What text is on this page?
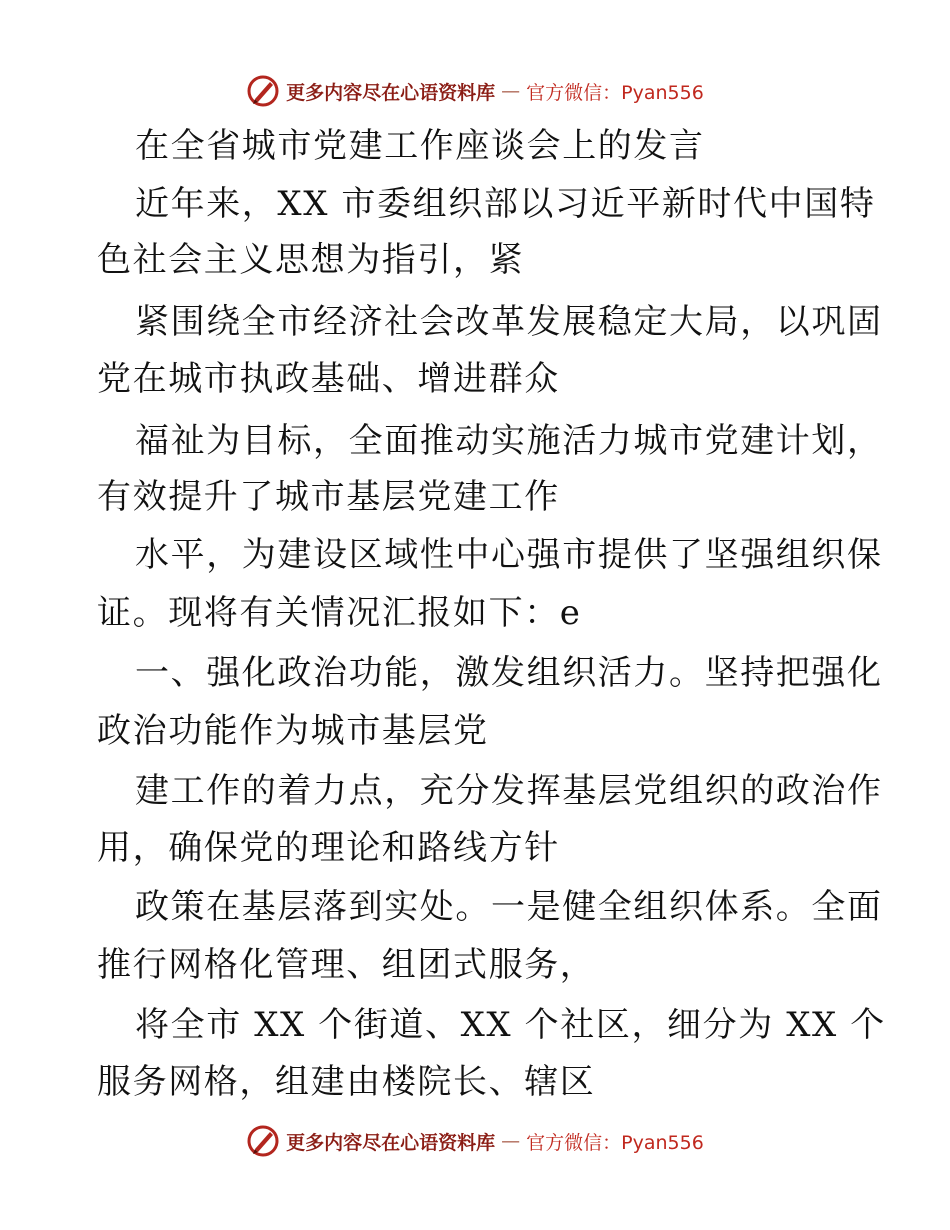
更多内容尽在心语资料库 — 官方微信：Pyan556
在全省城市党建工作座谈会上的发言
近年来，XX 市委组织部以习近平新时代中国特
色社会主义思想为指引，紧
紧围绕全市经济社会改革发展稳定大局，以巩固
党在城市执政基础、增进群众
福祉为目标，全面推动实施活力城市党建计划，
有效提升了城市基层党建工作
水平，为建设区域性中心强市提供了坚强组织保
证。现将有关情况汇报如下：e
一、强化政治功能，激发组织活力。坚持把强化
政治功能作为城市基层党
建工作的着力点，充分发挥基层党组织的政治作
用，确保党的理论和路线方针
政策在基层落到实处。一是健全组织体系。全面
推行网格化管理、组团式服务，
将全市 XX 个街道、XX 个社区，细分为 XX 个
服务网格，组建由楼院长、辖区
更多内容尽在心语资料库 — 官方微信：Pyan556
